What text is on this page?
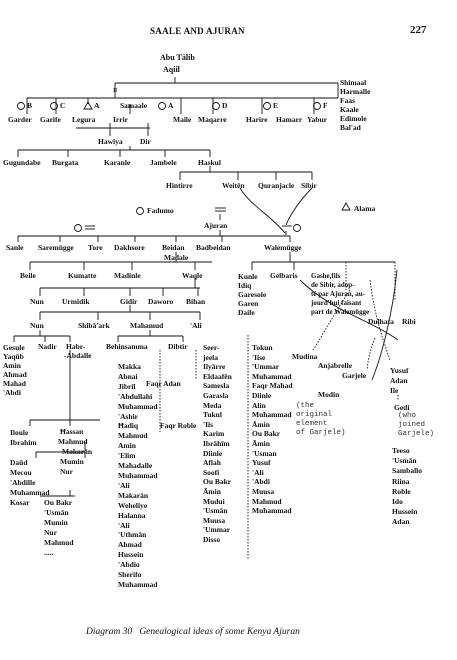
SAALE AND AJURAN	227
Abu Tālib
Aqiil
II
Shimaal
Harmalle
Faas
Kaale
Edimole
Bal'ad
B	C	A	Samaale	A	D	E	F
Garder Garife Legura Irrir	Maile Maqarre	Harire Hamarr Yabur
Hawiya Dir
Gugundabe Burgata	Karanle	Jambele	Haskul
Hintirre	Weitēn Quranjacle Sibir
Alama
Fadumo
Ajuran
Sanle Saremūgge Tore Dakhsore Beidan Badbeidan	Walemūgge
Madale
Beile	Kumatte Madinle	Waqle	Kunle
Idiq
Garesole
Garen
Daile
Gelbaris Gashe,fils
de Sibir, adop-
té par Ajuran, au-
jourd'hui faisant
part de Walemūgge
Dulhata Ribi
Nun Urmidik	Gidir Daworo Bihan
Nun	Shibā'ark	Maħamud	'Ali
Gesule
Yaqūb
Amin
Aħmad
Maħad
'Abdi
Nadir Habr-
-Abdalle
Behinsamma	Dibtir
Makka
Abnai
Jibril
'Abdullahi
Muħammad
'Ashir
Ħadiq
Maħmud
Amin
'Elim
Maħadalle
Muħammad
'Ali
Makarān
Weheliye
Halanna
'Ali
'Uthmān
Aħmad
Hussein
'Abdio
Sherifo
Muħammad
Faqr Adan
Faqr Roble
Seer-
jeela
Ilyārre
Eldaafēn
Samesla
Garasla
Meda
Tukul
'Iis
Karim
Ibrāhīm
Diinle
Aflah
Soofi
Ou Bakr
Āmin
Mudui
'Usmān
Muusa
'Ummar
Disso
Tokun
'Iise
'Ummar
Muħammad
Faqr Maħad
Diinle
Alin
Muħammad
Āmin
Ou Bakr
Āmin
'Usman
Yusuf
'Ali
'Abdi
Muusa
Maħmud
Muħammad
Mudina
Anjabrelle
Garjele
Modin
(the
original
element
of Garjele)
(who
joined
Garjele)
Yusuf
Adan
Ile
Gedi
Teeso
'Usmān
Samballo
Riina
Roble
Ido
Hussein
Adan
Iloule
Ibrahim
Ħassan
Maħmud
Makarān
Mumin
Nur
Daūd
Mecou
'Abdille
Muħammad
Kosar	Ou Bakr
'Usmān
Mumin
Nur
Maħmud
.....
Diagram 30 Genealogical ideas of some Kenya Ajuran
